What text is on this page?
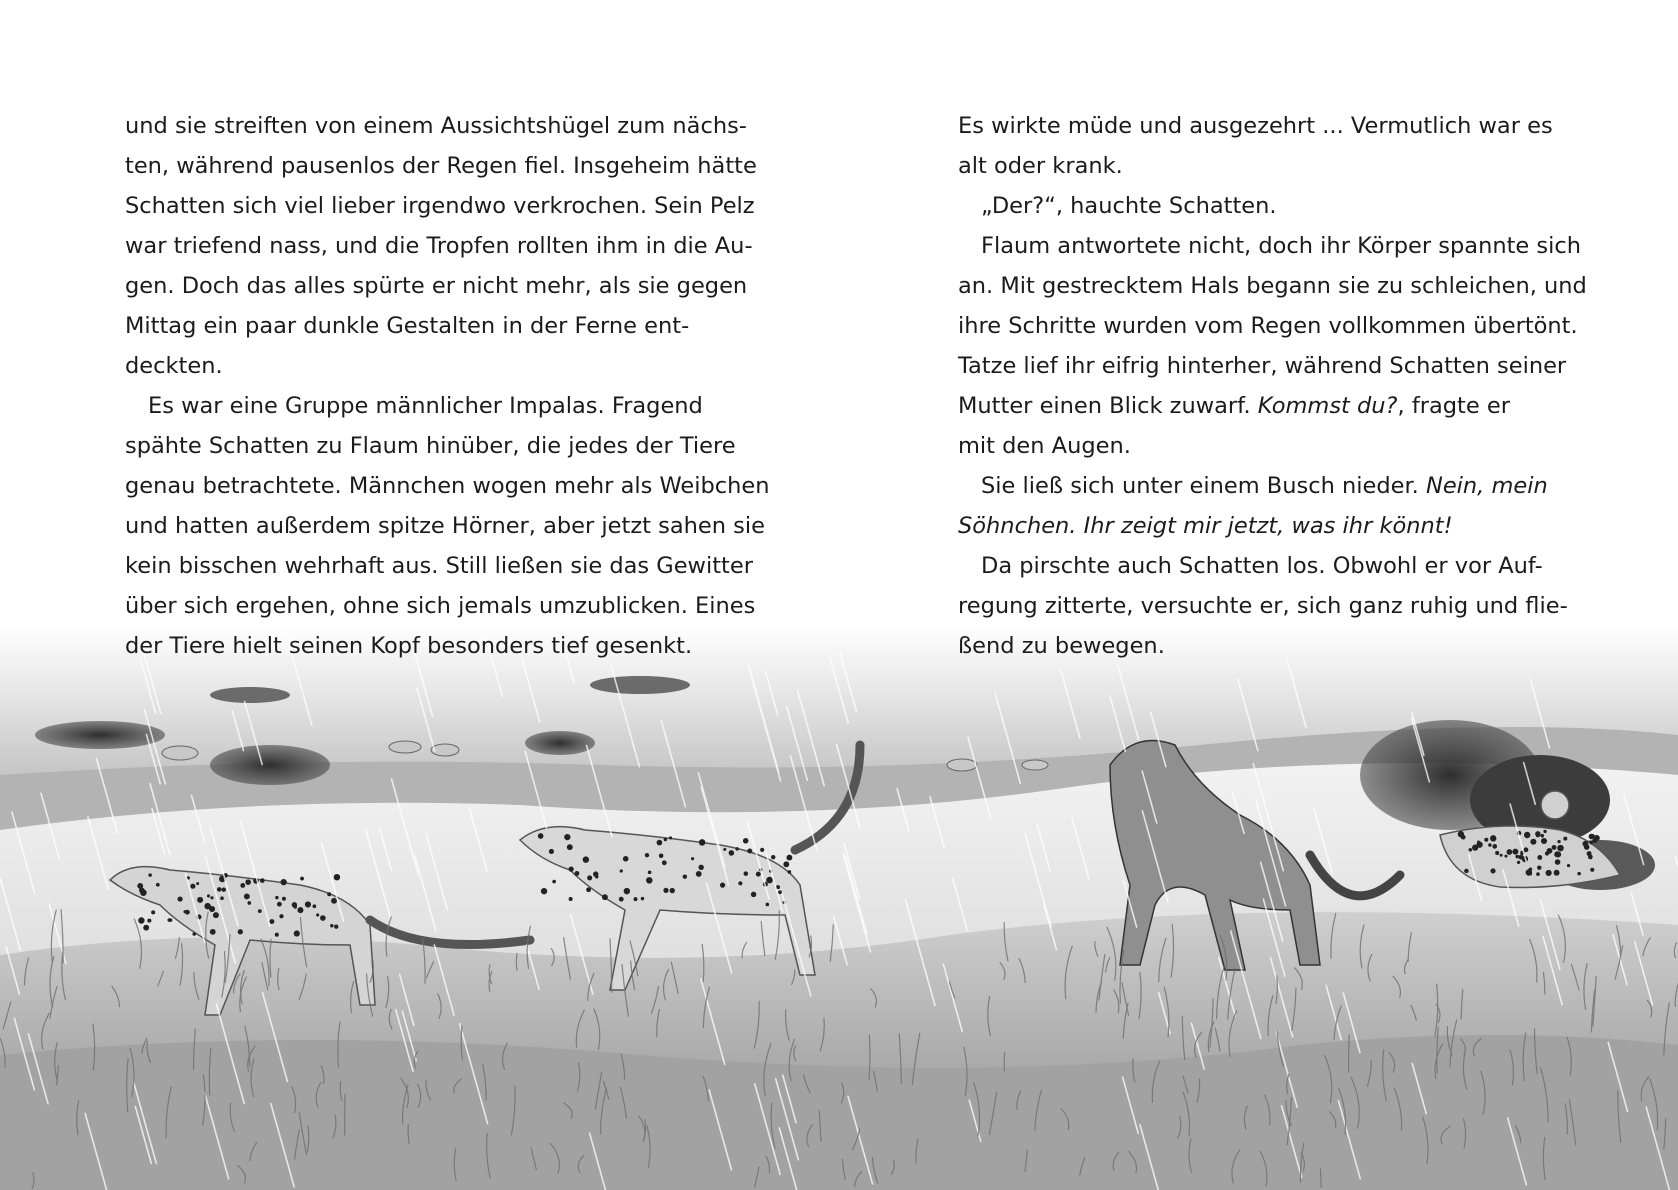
und sie streiften von einem Aussichtshügel zum nächs-
ten, während pausenlos der Regen fiel. Insgeheim hätte
Schatten sich viel lieber irgendwo verkrochen. Sein Pelz
war triefend nass, und die Tropfen rollten ihm in die Au-
gen. Doch das alles spürte er nicht mehr, als sie gegen
Mittag ein paar dunkle Gestalten in der Ferne ent-
deckten.
Es war eine Gruppe männlicher Impalas. Fragend
spähte Schatten zu Flaum hinüber, die jedes der Tiere
genau betrachtete. Männchen wogen mehr als Weibchen
und hatten außerdem spitze Hörner, aber jetzt sahen sie
kein bisschen wehrhaft aus. Still ließen sie das Gewitter
über sich ergehen, ohne sich jemals umzublicken. Eines
der Tiere hielt seinen Kopf besonders tief gesenkt.
Es wirkte müde und ausgezehrt ... Vermutlich war es
alt oder krank.
„Der?“, hauchte Schatten.
Flaum antwortete nicht, doch ihr Körper spannte sich
an. Mit gestrecktem Hals begann sie zu schleichen, und
ihre Schritte wurden vom Regen vollkommen übertönt.
Tatze lief ihr eifrig hinterher, während Schatten seiner
Mutter einen Blick zuwarf. Kommst du?, fragte er
mit den Augen.
Sie ließ sich unter einem Busch nieder. Nein, mein
Söhnchen. Ihr zeigt mir jetzt, was ihr könnt!
Da pirschte auch Schatten los. Obwohl er vor Auf-
regung zitterte, versuchte er, sich ganz ruhig und flie-
ßend zu bewegen.
